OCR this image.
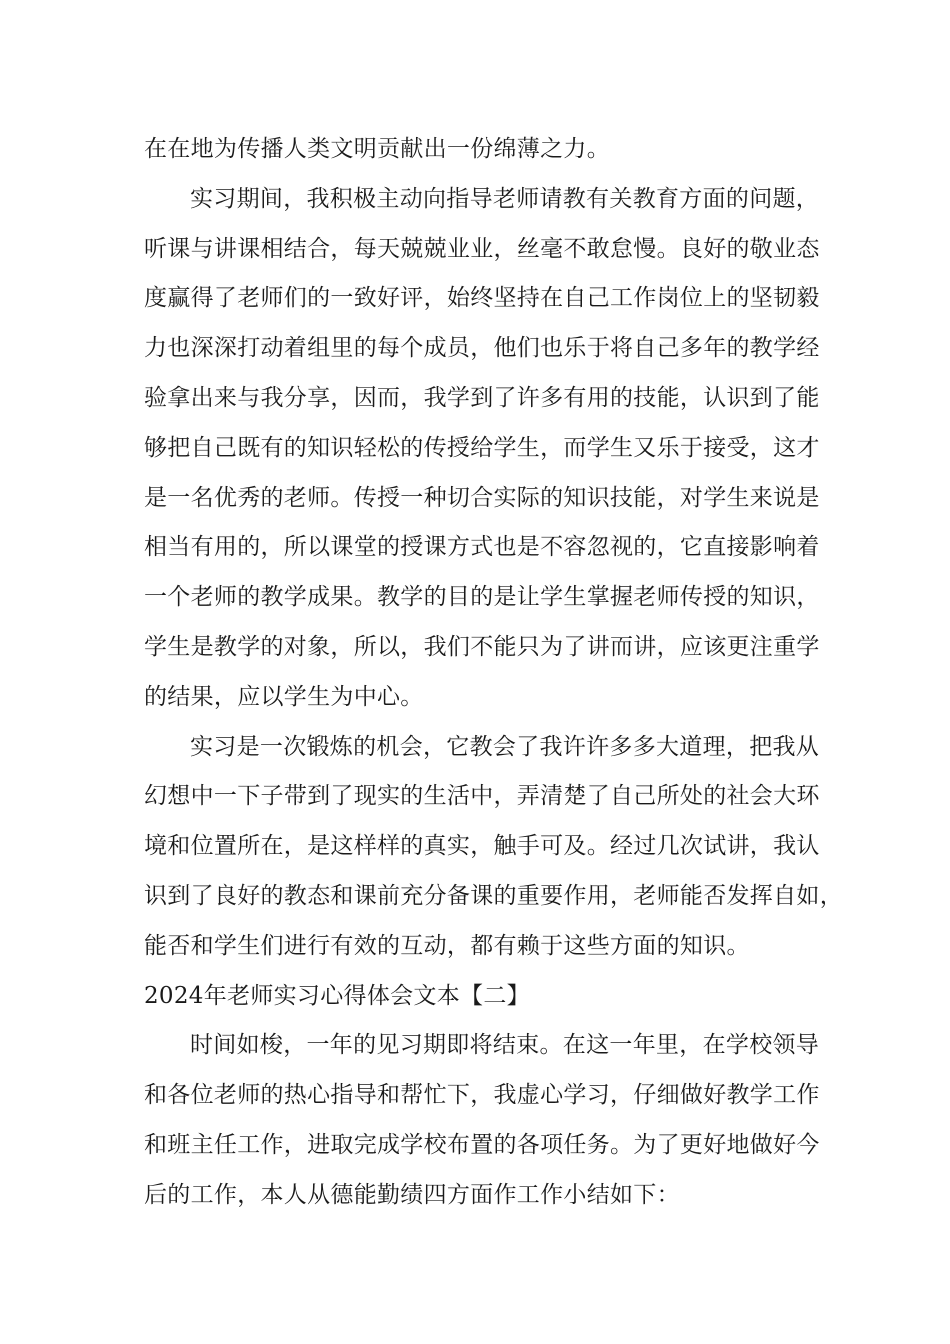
在在地为传播人类文明贡献出一份绵薄之力。
实习期间，我积极主动向指导老师请教有关教育方面的问题，
听课与讲课相结合，每天兢兢业业，丝毫不敢怠慢。良好的敬业态
度赢得了老师们的一致好评，始终坚持在自己工作岗位上的坚韧毅
力也深深打动着组里的每个成员，他们也乐于将自己多年的教学经
验拿出来与我分享，因而，我学到了许多有用的技能，认识到了能
够把自己既有的知识轻松的传授给学生，而学生又乐于接受，这才
是一名优秀的老师。传授一种切合实际的知识技能，对学生来说是
相当有用的，所以课堂的授课方式也是不容忽视的，它直接影响着
一个老师的教学成果。教学的目的是让学生掌握老师传授的知识，
学生是教学的对象，所以，我们不能只为了讲而讲，应该更注重学
的结果，应以学生为中心。
实习是一次锻炼的机会，它教会了我许许多多大道理，把我从
幻想中一下子带到了现实的生活中，弄清楚了自己所处的社会大环
境和位置所在，是这样样的真实，触手可及。经过几次试讲，我认
识到了良好的教态和课前充分备课的重要作用，老师能否发挥自如，
能否和学生们进行有效的互动，都有赖于这些方面的知识。
2024年老师实习心得体会文本【二】
时间如梭，一年的见习期即将结束。在这一年里，在学校领导
和各位老师的热心指导和帮忙下，我虚心学习，仔细做好教学工作
和班主任工作，进取完成学校布置的各项任务。为了更好地做好今
后的工作，本人从德能勤绩四方面作工作小结如下：
